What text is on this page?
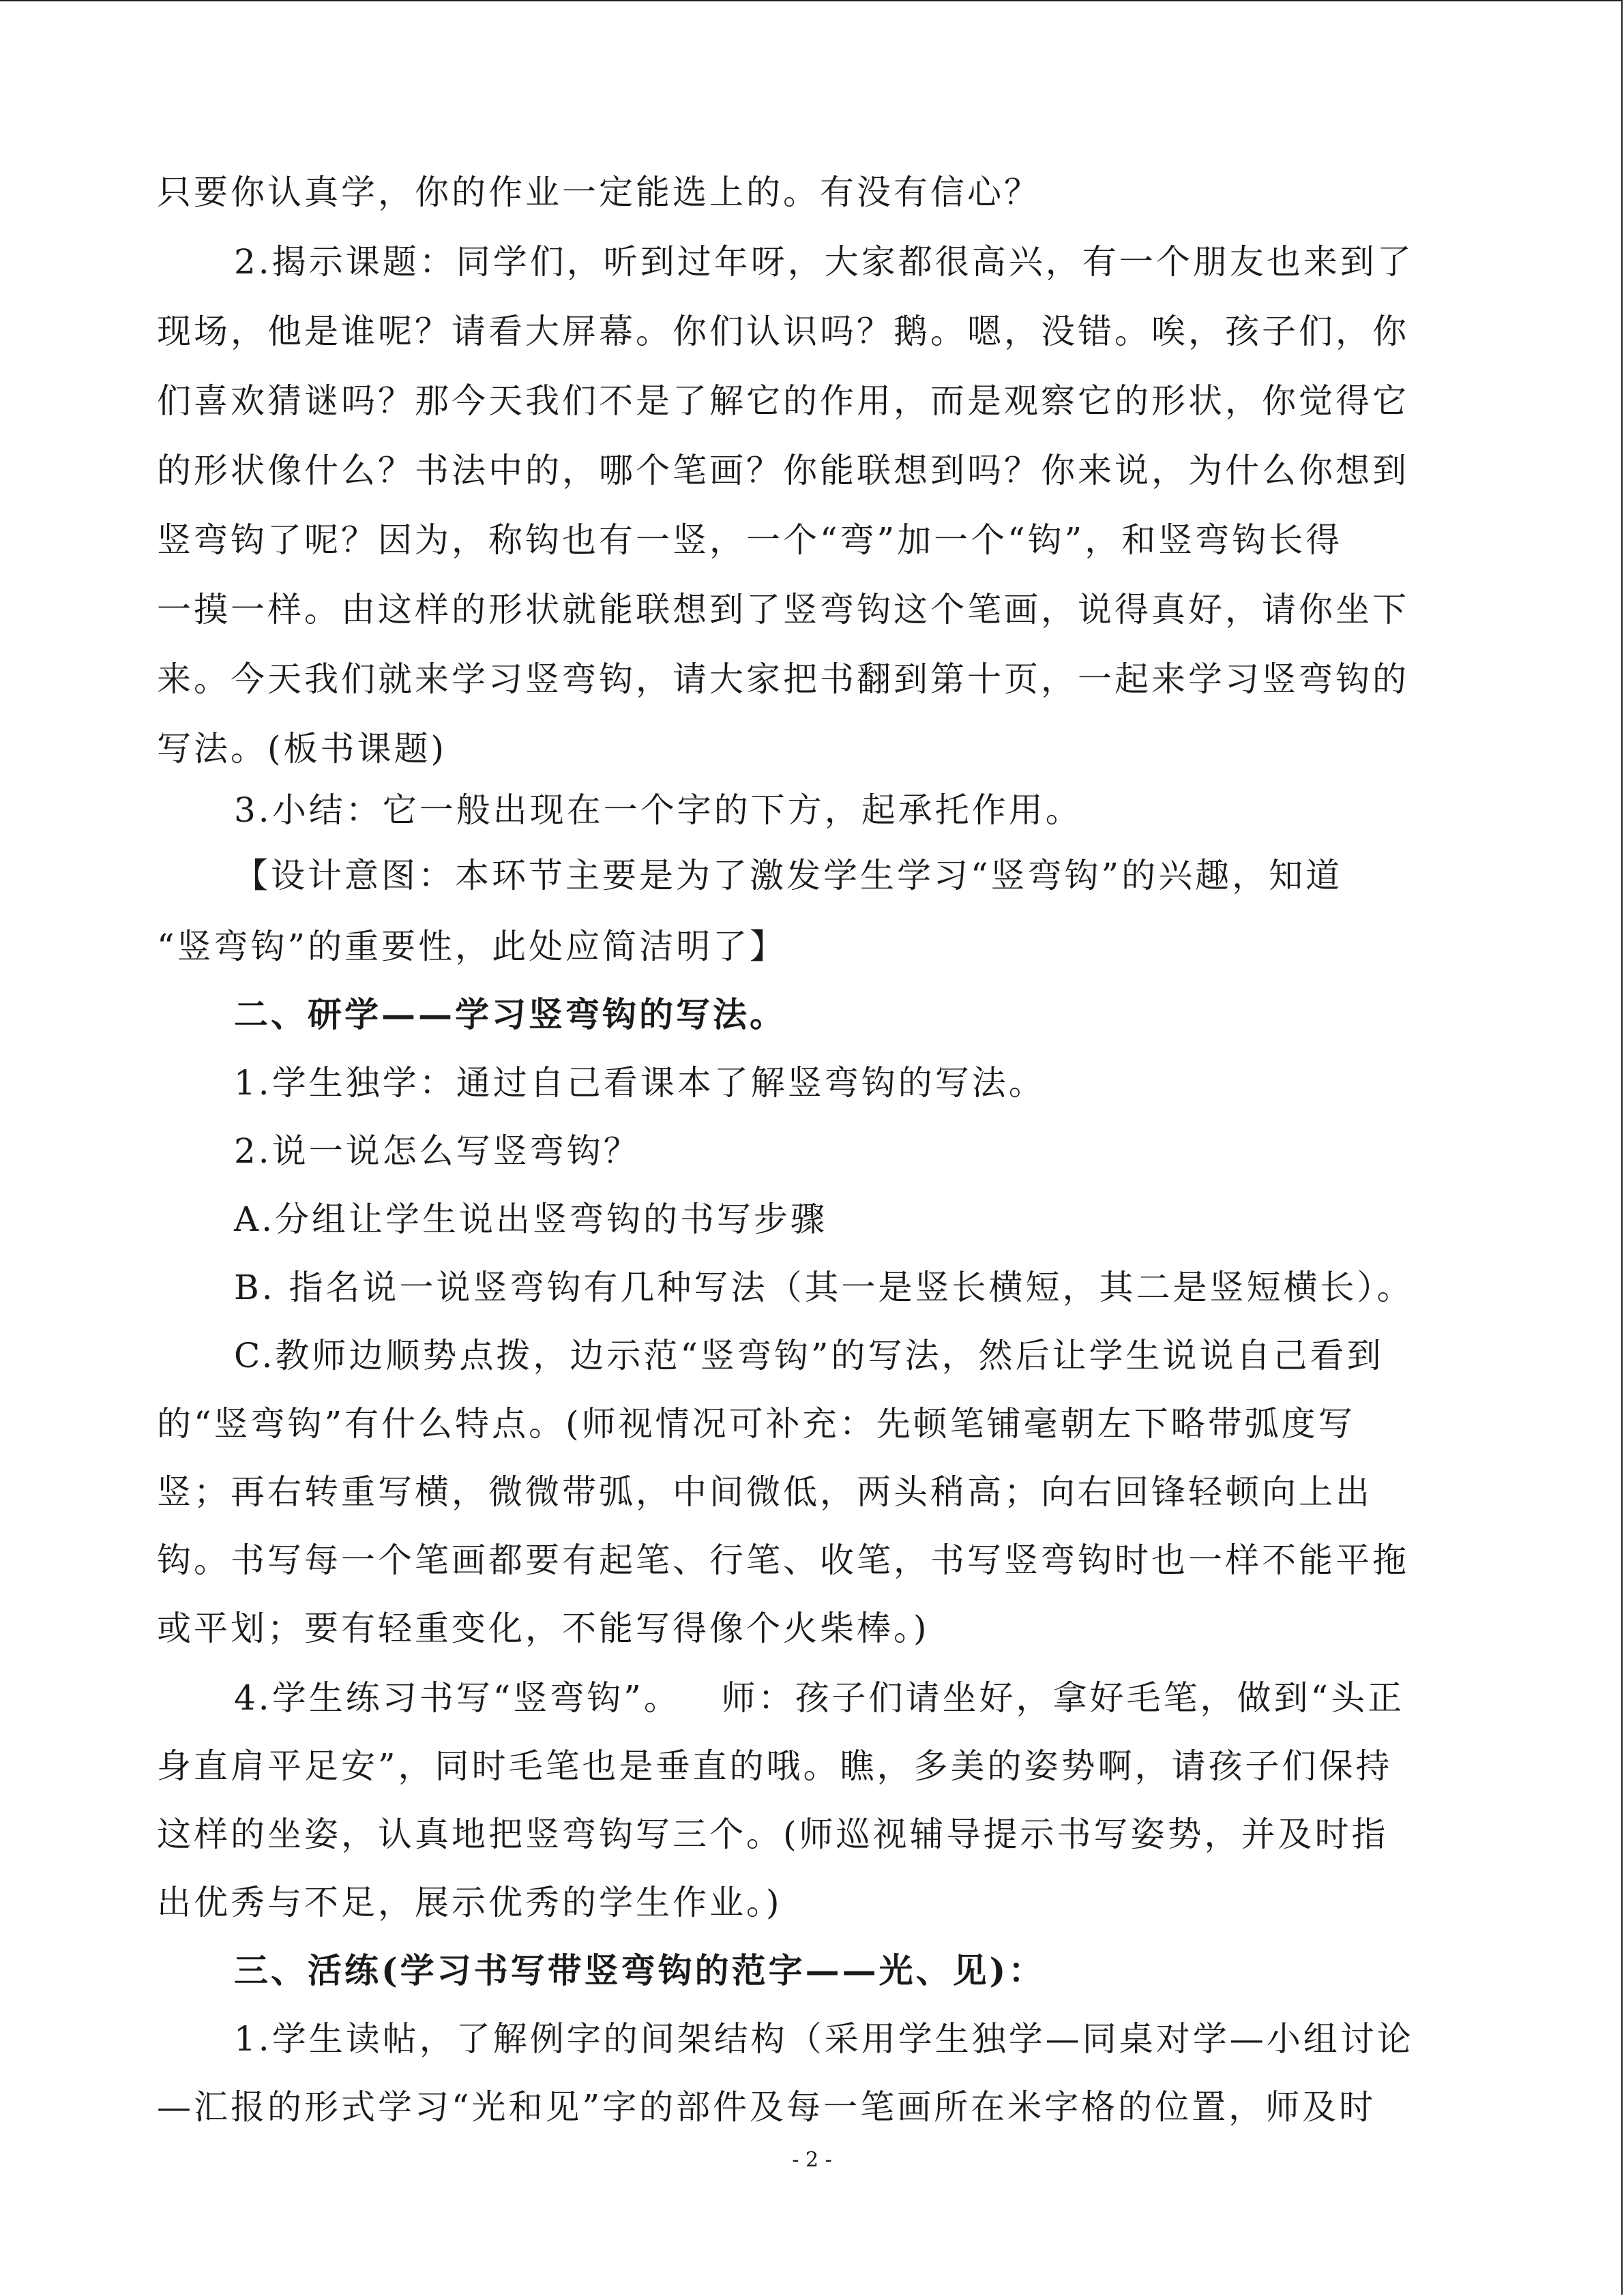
只要你认真学，你的作业一定能选上的。有没有信心？
2.揭示课题：同学们，听到过年呀，大家都很高兴，有一个朋友也来到了
现场，他是谁呢？请看大屏幕。你们认识吗？鹅。嗯，没错。唉，孩子们，你
们喜欢猜谜吗？那今天我们不是了解它的作用，而是观察它的形状，你觉得它
的形状像什么？书法中的，哪个笔画？你能联想到吗？你来说，为什么你想到
竖弯钩了呢？因为，称钩也有一竖，一个“弯”加一个“钩”，和竖弯钩长得
一摸一样。由这样的形状就能联想到了竖弯钩这个笔画，说得真好，请你坐下
来。今天我们就来学习竖弯钩，请大家把书翻到第十页，一起来学习竖弯钩的
写法。(板书课题)
3.小结：它一般出现在一个字的下方，起承托作用。
【设计意图：本环节主要是为了激发学生学习“竖弯钩”的兴趣，知道
“竖弯钩”的重要性，此处应简洁明了】
二、研学——学习竖弯钩的写法。
1.学生独学：通过自己看课本了解竖弯钩的写法。
2.说一说怎么写竖弯钩？
A.分组让学生说出竖弯钩的书写步骤
B. 指名说一说竖弯钩有几种写法（其一是竖长横短，其二是竖短横长）。
C.教师边顺势点拨，边示范“竖弯钩”的写法，然后让学生说说自己看到
的“竖弯钩”有什么特点。(师视情况可补充：先顿笔铺毫朝左下略带弧度写
竖；再右转重写横，微微带弧，中间微低，两头稍高；向右回锋轻顿向上出
钩。书写每一个笔画都要有起笔、行笔、收笔，书写竖弯钩时也一样不能平拖
或平划；要有轻重变化，不能写得像个火柴棒。)
4.学生练习书写“竖弯钩”。   师：孩子们请坐好，拿好毛笔，做到“头正
身直肩平足安”，同时毛笔也是垂直的哦。瞧，多美的姿势啊，请孩子们保持
这样的坐姿，认真地把竖弯钩写三个。(师巡视辅导提示书写姿势，并及时指
出优秀与不足，展示优秀的学生作业。)
三、活练(学习书写带竖弯钩的范字——光、见)：
1.学生读帖，了解例字的间架结构（采用学生独学—同桌对学—小组讨论
—汇报的形式学习“光和见”字的部件及每一笔画所在米字格的位置，师及时
- 2 -
